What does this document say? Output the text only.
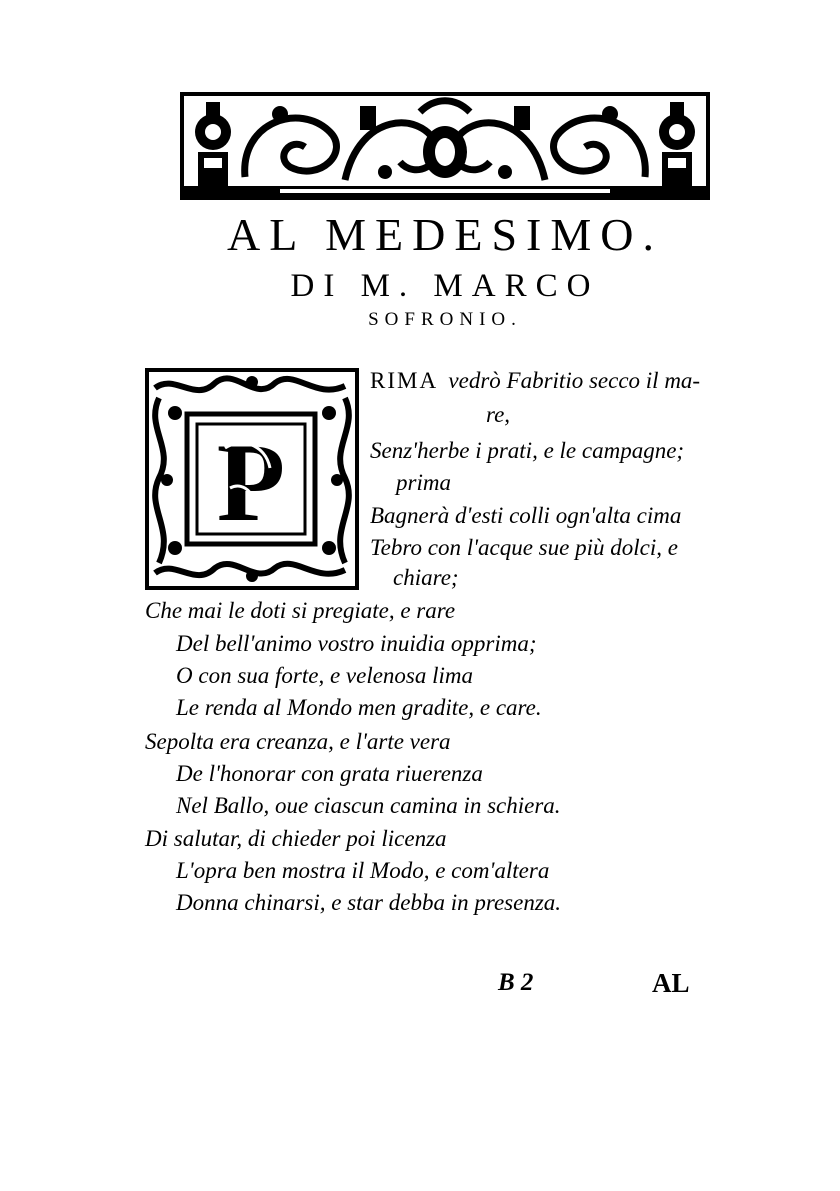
AL MEDESIMO.
DI M. MARCO
SOFRONIO.
P
RIMA  vedrò Fabritio secco il ma-
re,
Senz'herbe i prati, e le campagne;
prima
Bagnerà d'esti colli ogn'alta cima
Tebro con l'acque sue più dolci, e
chiare;
Che mai le doti si pregiate, e rare
Del bell'animo vostro inuidia opprima;
O con sua forte, e velenosa lima
Le renda al Mondo men gradite, e care.
Sepolta era creanza, e l'arte vera
De l'honorar con grata riuerenza
Nel Ballo, oue ciascun camina in schiera.
Di salutar, di chieder poi licenza
L'opra ben mostra il Modo, e com'altera
Donna chinarsi, e star debba in presenza.
B 2	AL
